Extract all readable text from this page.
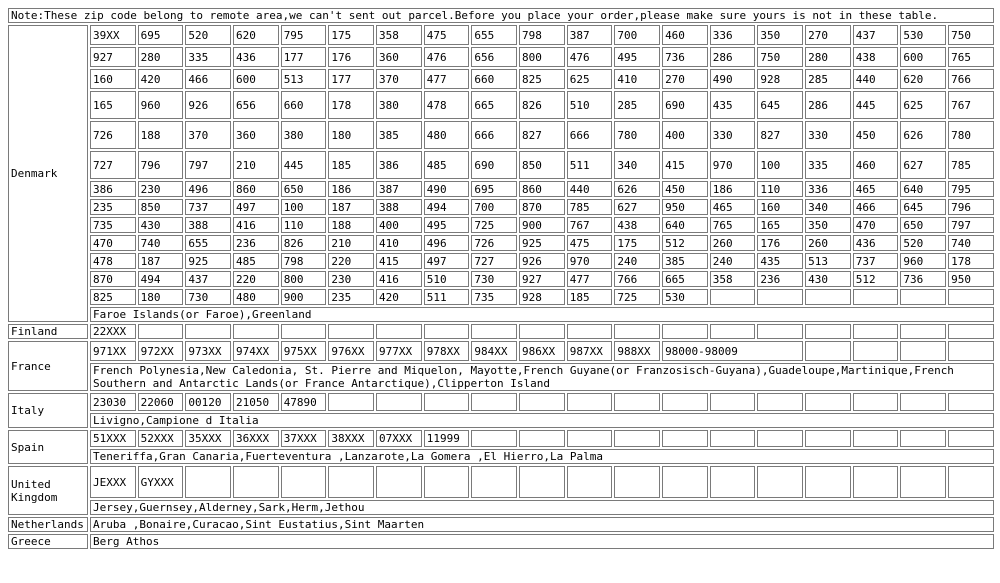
Note:These zip code belong to remote area,we can't sent out parcel.Before you place your order,please make sure yours is not in these table.																			
Denmark	39XX	695	520	620	795	175	358	475	655	798	387	700	460	336	350	270	437	530	750
	927	280	335	436	177	176	360	476	656	800	476	495	736	286	750	280	438	600	765
	160	420	466	600	513	177	370	477	660	825	625	410	270	490	928	285	440	620	766
	165	960	926	656	660	178	380	478	665	826	510	285	690	435	645	286	445	625	767
	726	188	370	360	380	180	385	480	666	827	666	780	400	330	827	330	450	626	780
	727	796	797	210	445	185	386	485	690	850	511	340	415	970	100	335	460	627	785
	386	230	496	860	650	186	387	490	695	860	440	626	450	186	110	336	465	640	795
	235	850	737	497	100	187	388	494	700	870	785	627	950	465	160	340	466	645	796
	735	430	388	416	110	188	400	495	725	900	767	438	640	765	165	350	470	650	797
	470	740	655	236	826	210	410	496	726	925	475	175	512	260	176	260	436	520	740
	478	187	925	485	798	220	415	497	727	926	970	240	385	240	435	513	737	960	178
	870	494	437	220	800	230	416	510	730	927	477	766	665	358	236	430	512	736	950
	825	180	730	480	900	235	420	511	735	928	185	725	530						
	Faroe Islands(or Faroe),Greenland																		
Finland	22XXX																		
France	971XX	972XX	973XX	974XX	975XX	976XX	977XX	978XX	984XX	986XX	987XX	988XX	98000-98009						
	French Polynesia,New Caledonia, St. Pierre and Miquelon, Mayotte,French Guyane(or Franzosisch-Guyana),Guadeloupe,Martinique,French Southern and Antarctic Lands(or France Antarctique),Clipperton Island																		
Italy	23030	22060	00120	21050	47890														
	Livigno,Campione d Italia																		
Spain	51XXX	52XXX	35XXX	36XXX	37XXX	38XXX	07XXX	11999											
	Teneriffa,Gran Canaria,Fuerteventura ,Lanzarote,La Gomera ,El Hierro,La Palma																		
United Kingdom	JEXXX	GYXXX																	
	Jersey,Guernsey,Alderney,Sark,Herm,Jethou																		
Netherlands	Aruba ,Bonaire,Curacao,Sint Eustatius,Sint Maarten																		
Greece	Berg Athos																		
